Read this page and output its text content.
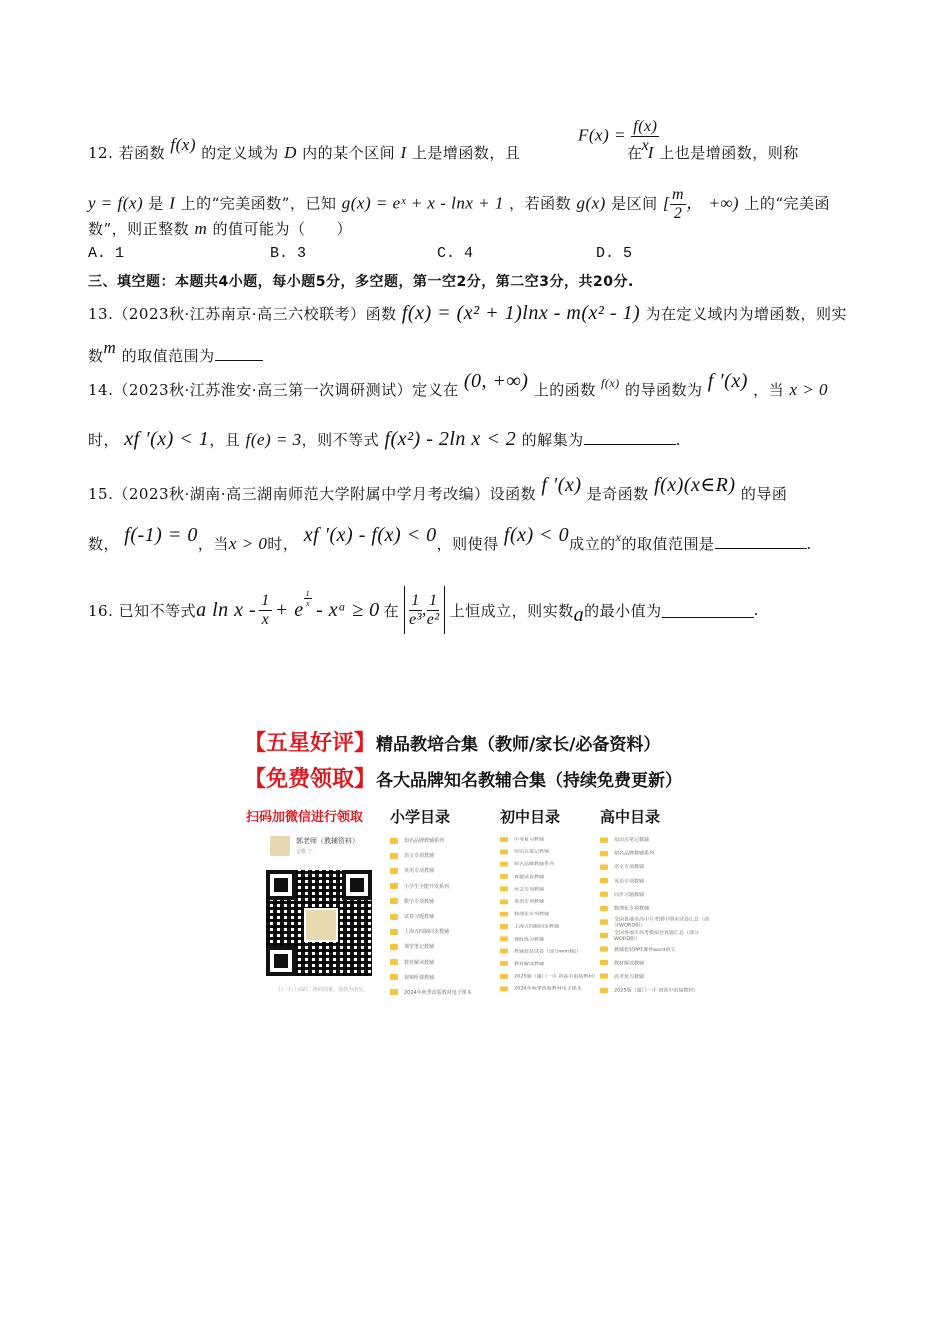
$F(x) = \frac{f(x)}{x}$
12. 若函数 f(x) 的定义域为 D 内的某个区间 I 上是增函数，且	在 I 上也是增函数，则称
y = f(x) 是 I 上的“完美函数”，已知 g(x) = eˣ + x - lnx + 1 ，若函数 g(x) 是区间 [ $\frac{m}{2}$ ， +∞) 上的“完美函
数”，则正整数 m 的值可能为（　　）
A. 1	B. 3	C. 4	D. 5
三、填空题：本题共4小题，每小题5分，多空题，第一空2分，第二空3分，共20分.
13.（2023秋·江苏南京·高三六校联考）函数 f(x) = (x² + 1)lnx - m(x² - 1) 为在定义域内为增函数，则实
数m 的取值范围为
14.（2023秋·江苏淮安·高三第一次调研测试）定义在 (0, +∞) 上的函数 $^{f(x)}$ 的导函数为 f ′(x) ，当 x > 0
时， xf ′(x) < 1，且 f(e) = 3，则不等式 f(x²) - 2ln x < 2 的解集为	.
15.（2023秋·湖南·高三湖南师范大学附属中学月考改编）设函数 f ′(x) 是奇函数 f(x)(x∈R) 的导函
数， f(-1) = 0，当x > 0时， xf ′(x) - f(x) < 0，则使得 f(x) < 0成立的$^x$的取值范围是	.
16. 已知不等式 a $\ln x - \frac{1}{x} + e$
$\frac{1}{x}$
- xᵃ ≥ 0 在 $\frac{1}{\text{e³}}$ , $\frac{1}{\text{e²}}$ 上恒成立，则实数 a 的最小值为	.
【五星好评】精品教培合集（教师/家长/必备资料）
【免费领取】各大品牌知名教辅合集（持续免费更新）
扫码加微信进行领取
郭老师（教辅资料）
安徽 宁
扫一扫上面的二维码图案，加我为朋友。
小学目录
知名品牌教辅系列
语文专项教辅
英语专项教辅
小学生全能开发系列
数学专项教辅
试卷习题教辅
上海五四制同步教辅
课堂笔记教辅
教材解读教辅
视频听课教辅
2024年秋季改版教材电子课本
初中目录
中考复习教辅
知识点笔记教辅
知名品牌教辅系列
真题试卷教辅
语文专项教辅
英语专项教辅
数理化专项教辅
上海五四制同步教辅
课时练习教辅
教辅套装试卷（部分word版）
教材解读教辅
2025版（厦门一中 初高中衔接教材）
2024年秋季改版教材电子课本
高中目录
知识点笔记教辅
知名品牌教辅系列
语文专项教辅
英语专项教辅
同步习题教辅
数理化专项教辅
全国各地市高中月考期中期末试卷汇总（部分WORD版）
全国各地市高考模拟卷真题汇总（部分WORD版）
教辅套装PPT课件word讲义
教材解读教辅
高考复习教辅
2025版（厦门一中 初高中衔接教材）
